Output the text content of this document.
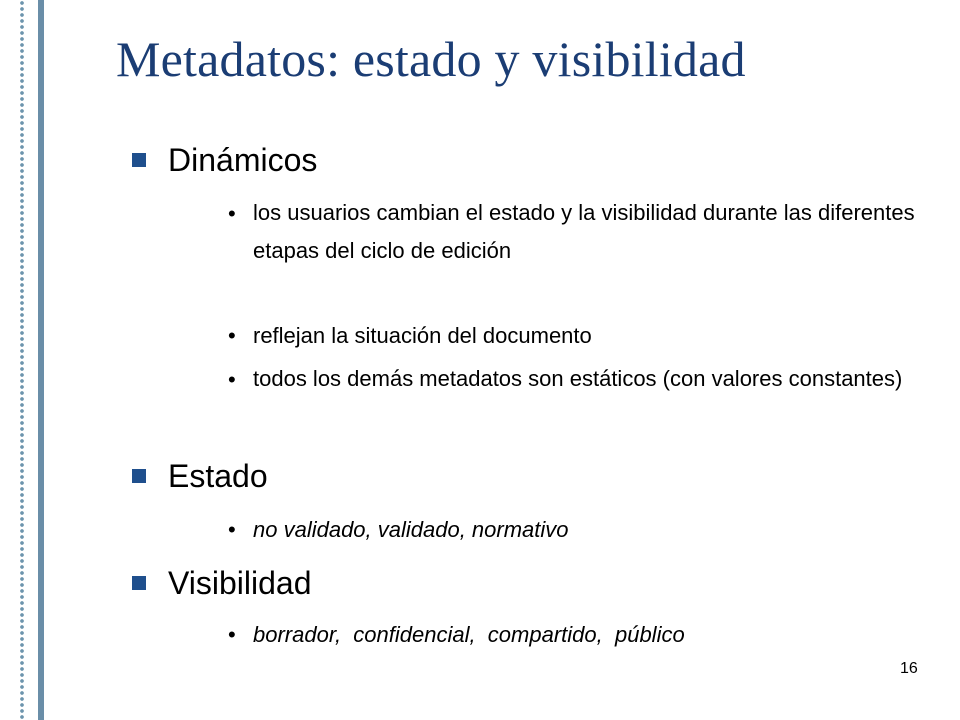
Metadatos: estado y visibilidad
Dinámicos
• los usuarios cambian el estado y la visibilidad durante las diferentes etapas del ciclo de edición
• reflejan la situación del documento
• todos los demás metadatos son estáticos (con valores constantes)
Estado
• no validado, validado, normativo
Visibilidad
• borrador,  confidencial,  compartido,  público
16
